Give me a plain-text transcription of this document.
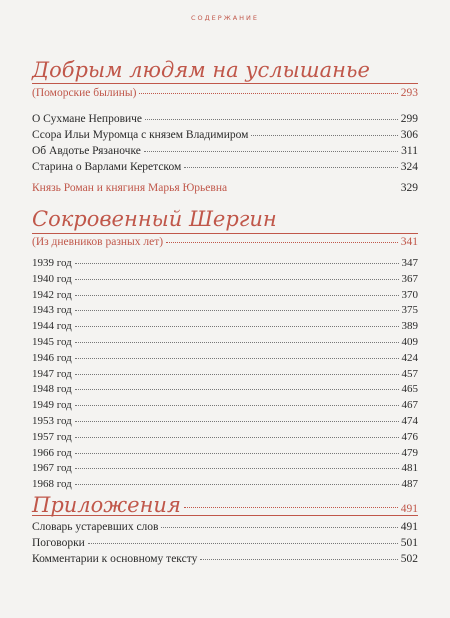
СОДЕРЖАНИЕ
Добрым людям на услышанье
(Поморские былины)	293
О Сухмане Непровиче	299
Ссора Ильи Муромца с князем Владимиром	306
Об Авдотье Рязаночке	311
Старина о Варлами Керетском	324
Князь Роман и княгиня Марья Юрьевна	329
Сокровенный Шергин
(Из дневников разных лет)	341
1939 год	347
1940 год	367
1942 год	370
1943 год	375
1944 год	389
1945 год	409
1946 год	424
1947 год	457
1948 год	465
1949 год	467
1953 год	474
1957 год	476
1966 год	479
1967 год	481
1968 год	487
Приложения	491
Словарь устаревших слов	491
Поговорки	501
Комментарии к основному тексту	502
